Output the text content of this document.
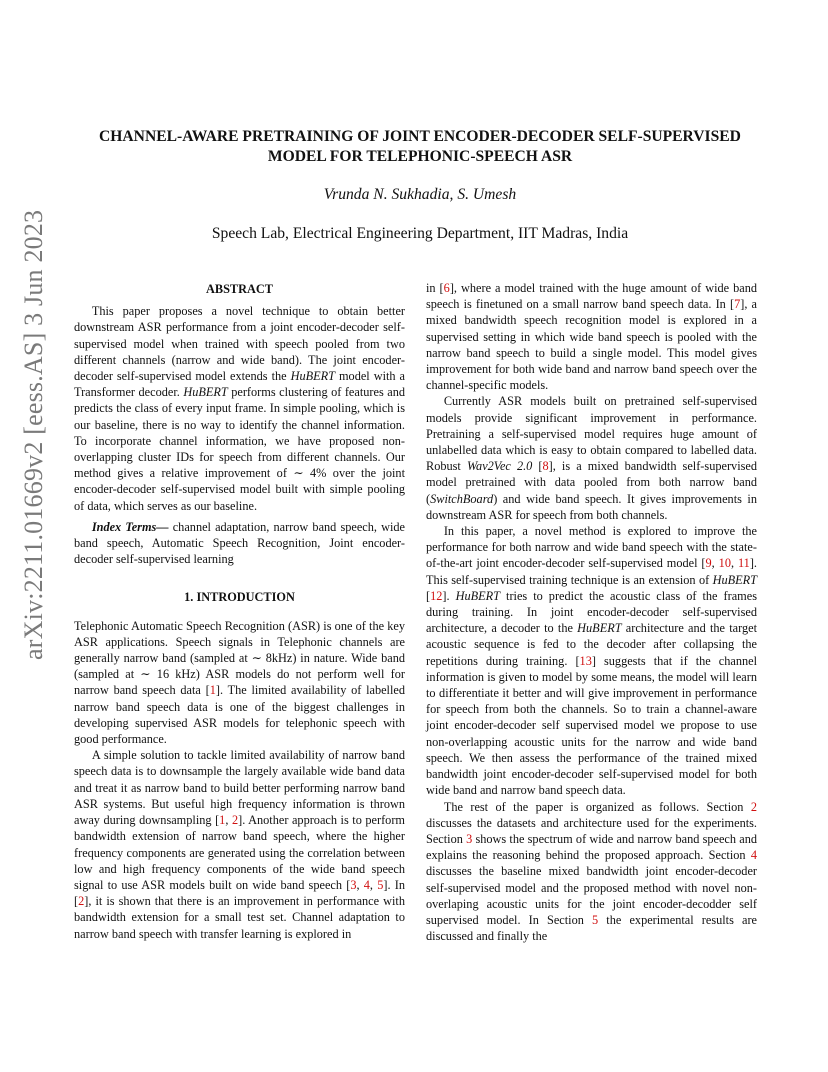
arXiv:2211.01669v2 [eess.AS] 3 Jun 2023
CHANNEL-AWARE PRETRAINING OF JOINT ENCODER-DECODER SELF-SUPERVISED
MODEL FOR TELEPHONIC-SPEECH ASR
Vrunda N. Sukhadia, S. Umesh
Speech Lab, Electrical Engineering Department, IIT Madras, India
ABSTRACT

This paper proposes a novel technique to obtain better downstream ASR performance from a joint encoder-decoder self-supervised model when trained with speech pooled from two different channels (narrow and wide band). The joint encoder-decoder self-supervised model extends the HuBERT model with a Transformer decoder. HuBERT performs clustering of features and predicts the class of every input frame. In simple pooling, which is our baseline, there is no way to identify the channel information. To incorporate channel information, we have proposed non-overlapping cluster IDs for speech from different channels. Our method gives a relative improvement of ∼ 4% over the joint encoder-decoder self-supervised model built with simple pooling of data, which serves as our baseline.

Index Terms— channel adaptation, narrow band speech, wide band speech, Automatic Speech Recognition, Joint encoder-decoder self-supervised learning

1. INTRODUCTION

Telephonic Automatic Speech Recognition (ASR) is one of the key ASR applications. Speech signals in Telephonic channels are generally narrow band (sampled at ∼ 8kHz) in nature. Wide band (sampled at ∼ 16 kHz) ASR models do not perform well for narrow band speech data [1]. The limited availability of labelled narrow band speech data is one of the biggest challenges in developing supervised ASR models for telephonic speech with good performance.

A simple solution to tackle limited availability of narrow band speech data is to downsample the largely available wide band data and treat it as narrow band to build better performing narrow band ASR systems. But useful high frequency information is thrown away during downsampling [1, 2]. Another approach is to perform bandwidth extension of narrow band speech, where the higher frequency components are generated using the correlation between low and high frequency components of the wide band speech signal to use ASR models built on wide band speech [3, 4, 5]. In [2], it is shown that there is an improvement in performance with bandwidth extension for a small test set. Channel adaptation to narrow band speech with transfer learning is explored in

in [6], where a model trained with the huge amount of wide band speech is finetuned on a small narrow band speech data. In [7], a mixed bandwidth speech recognition model is explored in a supervised setting in which wide band speech is pooled with the narrow band speech to build a single model. This model gives improvement for both wide band and narrow band speech over the channel-specific models.

Currently ASR models built on pretrained self-supervised models provide significant improvement in performance. Pretraining a self-supervised model requires huge amount of unlabelled data which is easy to obtain compared to labelled data. Robust Wav2Vec 2.0 [8], is a mixed bandwidth self-supervised model pretrained with data pooled from both narrow band (SwitchBoard) and wide band speech. It gives improvements in downstream ASR for speech from both channels.

In this paper, a novel method is explored to improve the performance for both narrow and wide band speech with the state-of-the-art joint encoder-decoder self-supervised model [9, 10, 11]. This self-supervised training technique is an extension of HuBERT [12]. HuBERT tries to predict the acoustic class of the frames during training. In joint encoder-decoder self-supervised architecture, a decoder to the HuBERT architecture and the target acoustic sequence is fed to the decoder after collapsing the repetitions during training. [13] suggests that if the channel information is given to model by some means, the model will learn to differentiate it better and will give improvement in performance for speech from both the channels. So to train a channel-aware joint encoder-decoder self supervised model we propose to use non-overlapping acoustic units for the narrow and wide band speech. We then assess the performance of the trained mixed bandwidth joint encoder-decoder self-supervised model for both wide band and narrow band speech data.

The rest of the paper is organized as follows. Section 2 discusses the datasets and architecture used for the experiments. Section 3 shows the spectrum of wide and narrow band speech and explains the reasoning behind the proposed approach. Section 4 discusses the baseline mixed bandwidth joint encoder-decoder self-supervised model and the proposed method with novel non-overlaping acoustic units for the joint encoder-decodder self supervised model. In Section 5 the experimental results are discussed and finally the
